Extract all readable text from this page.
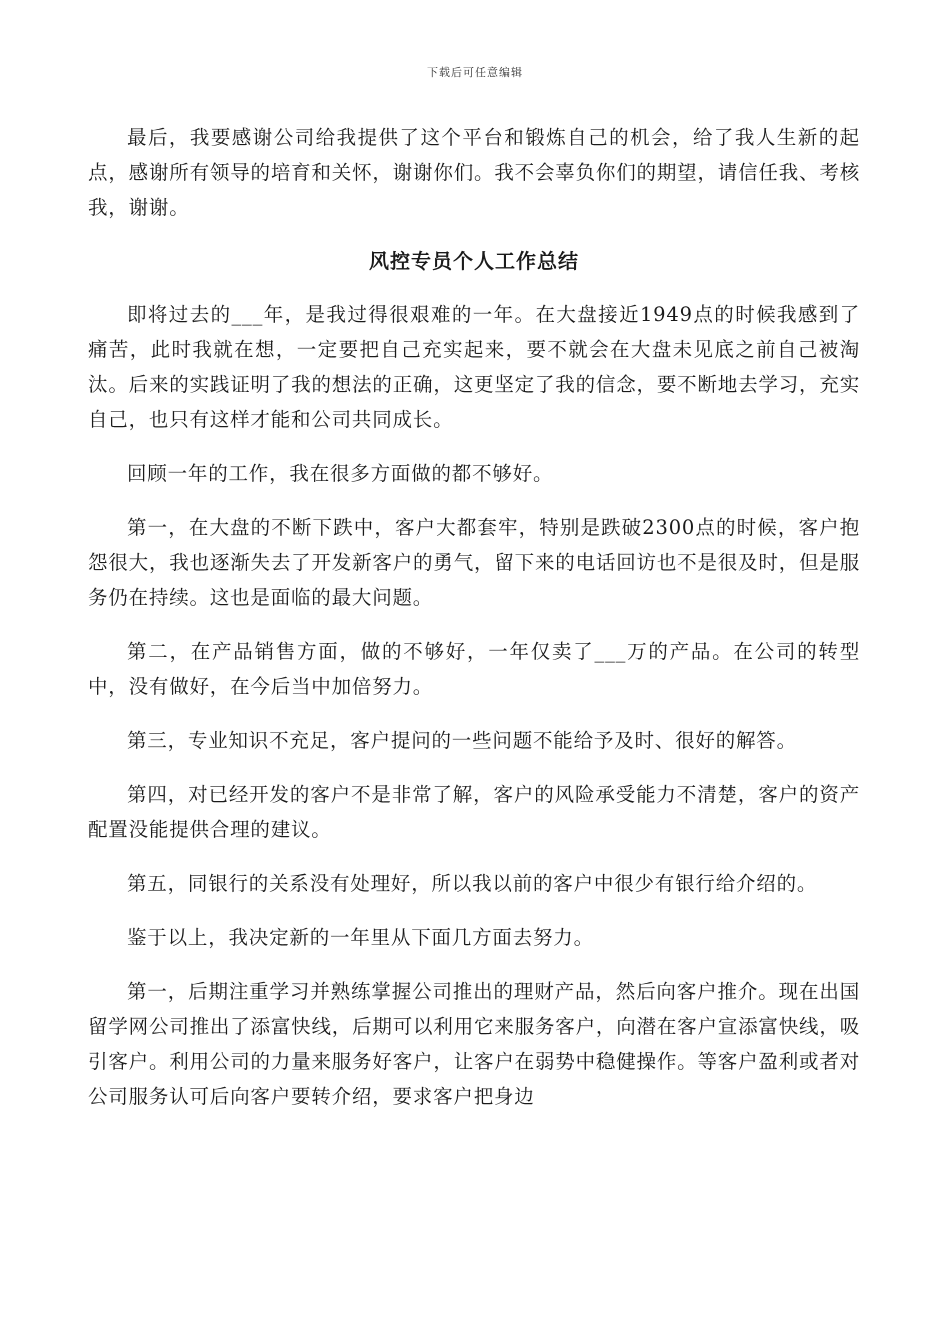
下载后可任意编辑

最后，我要感谢公司给我提供了这个平台和锻炼自己的机会，给了我人生新的起点，感谢所有领导的培育和关怀，谢谢你们。我不会辜负你们的期望，请信任我、考核我，谢谢。

风控专员个人工作总结

即将过去的___年，是我过得很艰难的一年。在大盘接近1949点的时候我感到了痛苦，此时我就在想，一定要把自己充实起来，要不就会在大盘未见底之前自己被淘汰。后来的实践证明了我的想法的正确，这更坚定了我的信念，要不断地去学习，充实自己，也只有这样才能和公司共同成长。

回顾一年的工作，我在很多方面做的都不够好。

第一，在大盘的不断下跌中，客户大都套牢，特别是跌破2300点的时候，客户抱怨很大，我也逐渐失去了开发新客户的勇气，留下来的电话回访也不是很及时，但是服务仍在持续。这也是面临的最大问题。

第二，在产品销售方面，做的不够好，一年仅卖了___万的产品。在公司的转型中，没有做好，在今后当中加倍努力。

第三，专业知识不充足，客户提问的一些问题不能给予及时、很好的解答。

第四，对已经开发的客户不是非常了解，客户的风险承受能力不清楚，客户的资产配置没能提供合理的建议。

第五，同银行的关系没有处理好，所以我以前的客户中很少有银行给介绍的。

鉴于以上，我决定新的一年里从下面几方面去努力。

第一，后期注重学习并熟练掌握公司推出的理财产品，然后向客户推介。现在出国留学网公司推出了添富快线，后期可以利用它来服务客户，向潜在客户宣添富快线，吸引客户。利用公司的力量来服务好客户，让客户在弱势中稳健操作。等客户盈利或者对公司服务认可后向客户要转介绍，要求客户把身边
